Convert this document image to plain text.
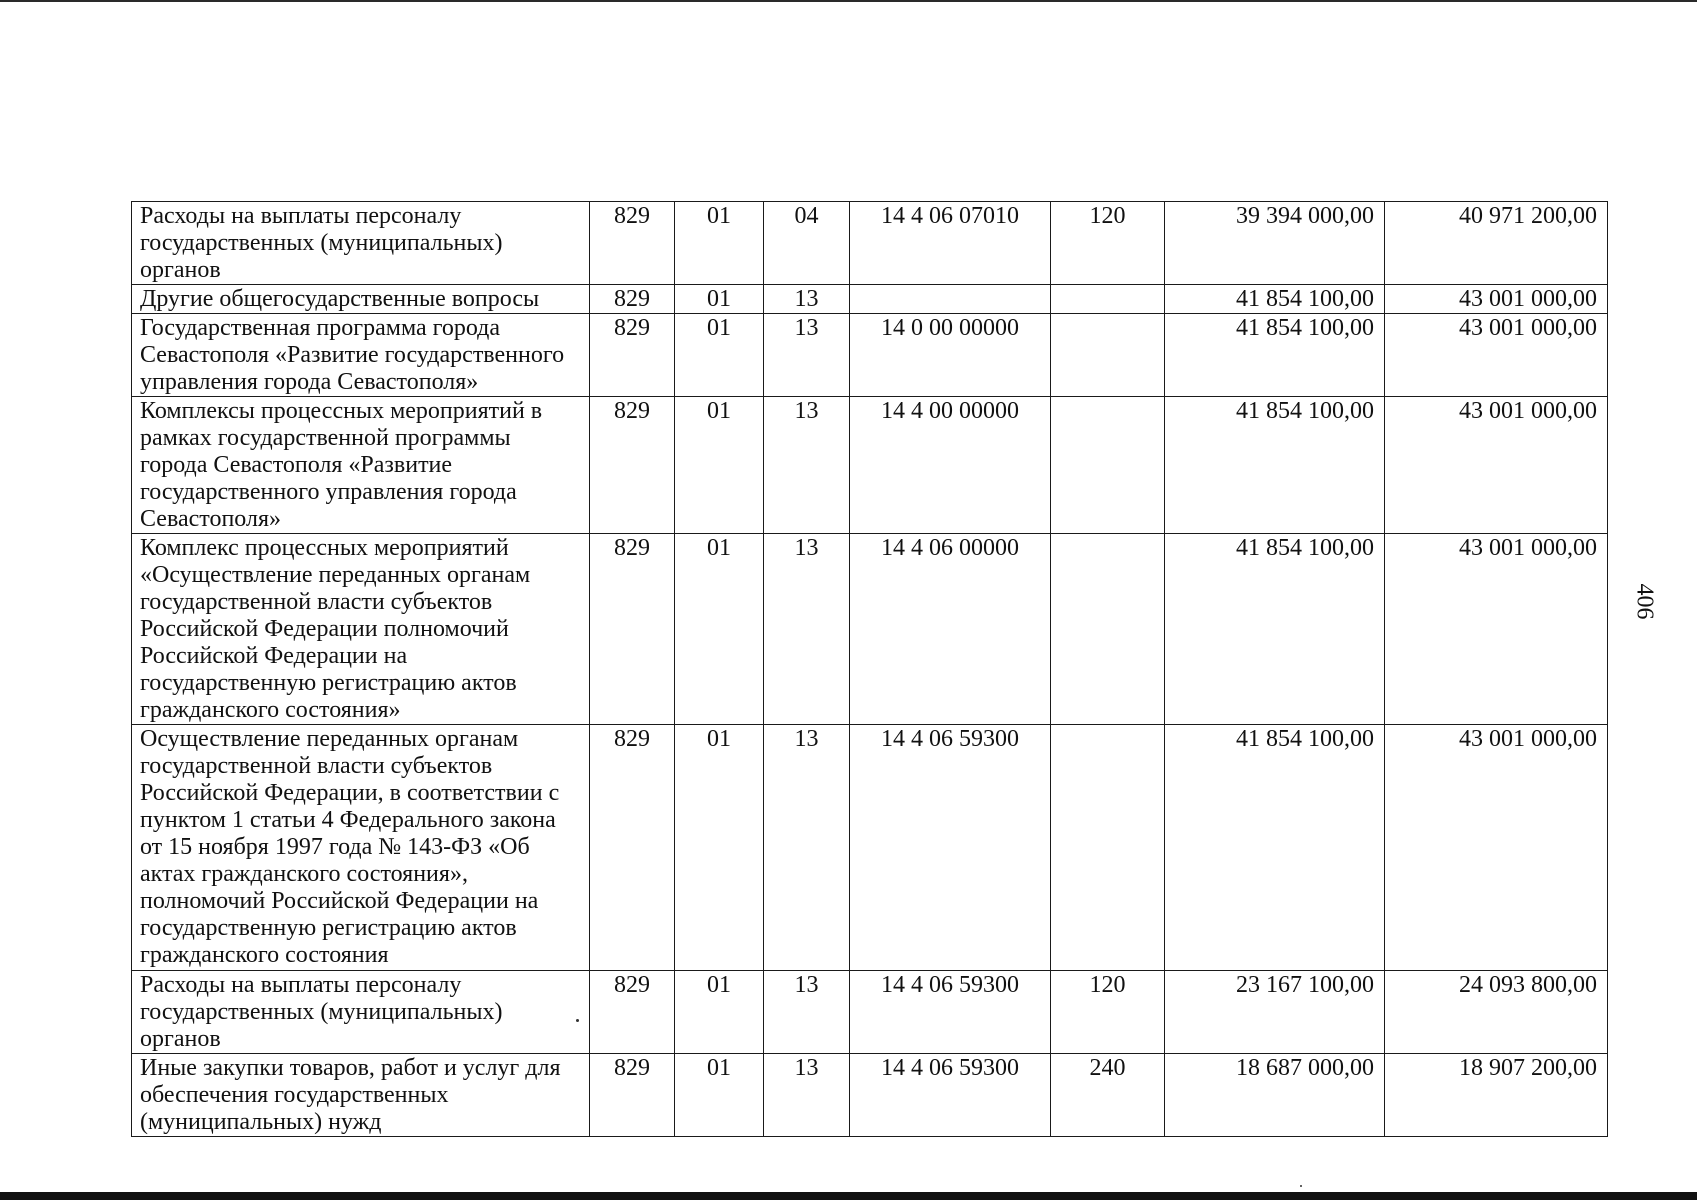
Расходы на выплаты персоналу государственных (муниципальных) органов	829	01	04	14 4 06 07010	120	39 394 000,00	40 971 200,00
Другие общегосударственные вопросы	829	01	13			41 854 100,00	43 001 000,00
Государственная программа города Севастополя «Развитие государственного управления города Севастополя»	829	01	13	14 0 00 00000		41 854 100,00	43 001 000,00
Комплексы процессных мероприятий в рамках государственной программы города Севастополя «Развитие государственного управления города Севастополя»	829	01	13	14 4 00 00000		41 854 100,00	43 001 000,00
Комплекс процессных мероприятий «Осуществление переданных органам государственной власти субъектов Российской Федерации полномочий Российской Федерации на государственную регистрацию актов гражданского состояния»	829	01	13	14 4 06 00000		41 854 100,00	43 001 000,00
Осуществление переданных органам государственной власти субъектов Российской Федерации, в соответствии с пунктом 1 статьи 4 Федерального закона от 15 ноября 1997 года № 143-ФЗ «Об актах гражданского состояния», полномочий Российской Федерации на государственную регистрацию актов гражданского состояния	829	01	13	14 4 06 59300		41 854 100,00	43 001 000,00
Расходы на выплаты персоналу государственных (муниципальных) органов	829	01	13	14 4 06 59300	120	23 167 100,00	24 093 800,00
Иные закупки товаров, работ и услуг для обеспечения государственных (муниципальных) нужд	829	01	13	14 4 06 59300	240	18 687 000,00	18 907 200,00
406
